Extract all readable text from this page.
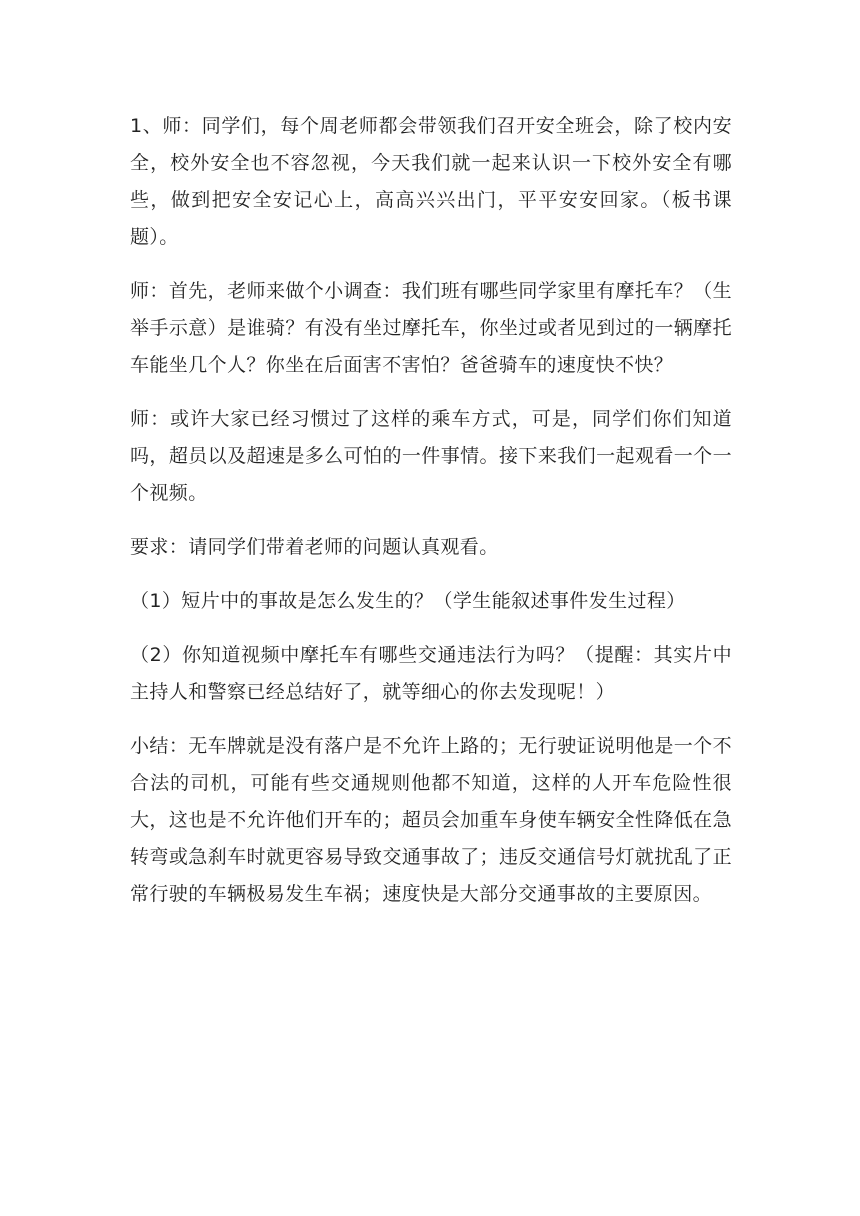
1、师：同学们，每个周老师都会带领我们召开安全班会，除了校内安全，校外安全也不容忽视，今天我们就一起来认识一下校外安全有哪些，做到把安全安记心上，高高兴兴出门，平平安安回家。（板书课题）。

师：首先，老师来做个小调查：我们班有哪些同学家里有摩托车？（生举手示意）是谁骑？有没有坐过摩托车，你坐过或者见到过的一辆摩托车能坐几个人？你坐在后面害不害怕？爸爸骑车的速度快不快？

师：或许大家已经习惯过了这样的乘车方式，可是，同学们你们知道吗，超员以及超速是多么可怕的一件事情。接下来我们一起观看一个一个视频。

要求：请同学们带着老师的问题认真观看。

（1）短片中的事故是怎么发生的？（学生能叙述事件发生过程）

（2）你知道视频中摩托车有哪些交通违法行为吗？（提醒：其实片中主持人和警察已经总结好了，就等细心的你去发现呢！）

小结：无车牌就是没有落户是不允许上路的；无行驶证说明他是一个不合法的司机，可能有些交通规则他都不知道，这样的人开车危险性很大，这也是不允许他们开车的；超员会加重车身使车辆安全性降低在急转弯或急刹车时就更容易导致交通事故了；违反交通信号灯就扰乱了正常行驶的车辆极易发生车祸；速度快是大部分交通事故的主要原因。
